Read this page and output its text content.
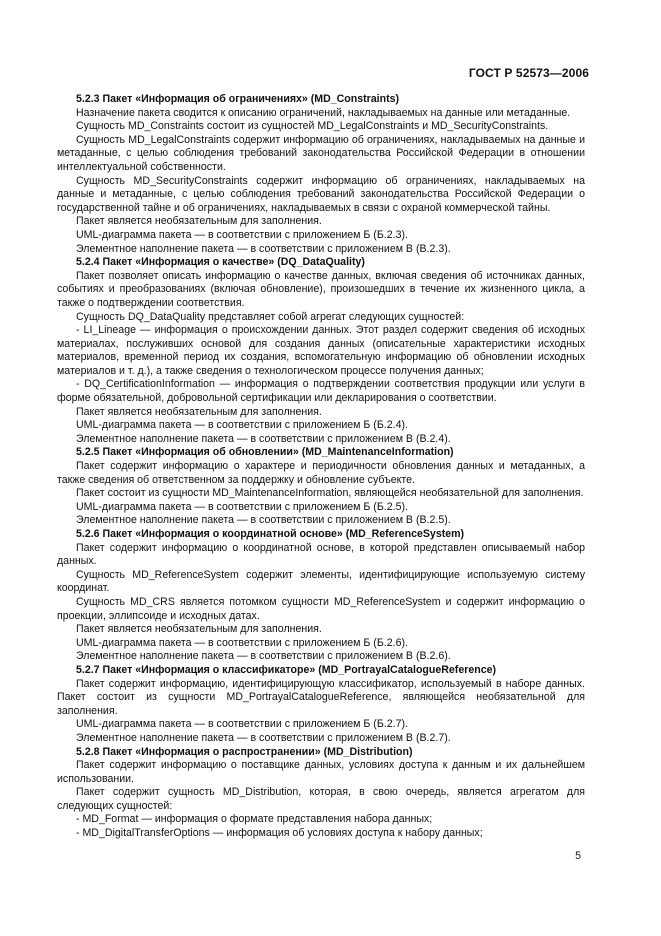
ГОСТ Р 52573—2006

5.2.3 Пакет «Информация об ограничениях» (MD_Constraints)

Назначение пакета сводится к описанию ограничений, накладываемых на данные или метаданные.

Сущность MD_Constraints состоит из сущностей MD_LegalConstraints и MD_SecurityConstraints.

Сущность MD_LegalConstraints содержит информацию об ограничениях, накладываемых на данные и метаданные, с целью соблюдения требований законодательства Российской Федерации в отношении интеллектуальной собственности.

Сущность MD_SecurityConstraints содержит информацию об ограничениях, накладываемых на данные и метаданные, с целью соблюдения требований законодательства Российской Федерации о государственной тайне и об ограничениях, накладываемых в связи с охраной коммерческой тайны.

Пакет является необязательным для заполнения.

UML-диаграмма пакета — в соответствии с приложением Б (Б.2.3).

Элементное наполнение пакета — в соответствии с приложением В (В.2.3).

5.2.4 Пакет «Информация о качестве» (DQ_DataQuality)

Пакет позволяет описать информацию о качестве данных, включая сведения об источниках данных, событиях и преобразованиях (включая обновление), произошедших в течение их жизненного цикла, а также о подтверждении соответствия.

Сущность DQ_DataQuality представляет собой агрегат следующих сущностей:

- LI_Lineage — информация о происхождении данных. Этот раздел содержит сведения об исходных материалах, послуживших основой для создания данных (описательные характеристики исходных материалов, временной период их создания, вспомогательную информацию об обновлении исходных материалов и т. д.), а также сведения о технологическом процессе получения данных;

- DQ_CertificationInformation — информация о подтверждении соответствия продукции или услуги в форме обязательной, добровольной сертификации или декларирования о соответствии.

Пакет является необязательным для заполнения.

UML-диаграмма пакета — в соответствии с приложением Б (Б.2.4).

Элементное наполнение пакета — в соответствии с приложением В (В.2.4).

5.2.5 Пакет «Информация об обновлении» (MD_MaintenanceInformation)

Пакет содержит информацию о характере и периодичности обновления данных и метаданных, а также сведения об ответственном за поддержку и обновление субъекте.

Пакет состоит из сущности MD_MaintenanceInformation, являющейся необязательной для заполнения.

UML-диаграмма пакета — в соответствии с приложением Б (Б.2.5).

Элементное наполнение пакета — в соответствии с приложением В (В.2.5).

5.2.6 Пакет «Информация о координатной основе» (MD_ReferenceSystem)

Пакет содержит информацию о координатной основе, в которой представлен описываемый набор данных.

Сущность MD_ReferenceSystem содержит элементы, идентифицирующие используемую систему координат.

Сущность MD_CRS является потомком сущности MD_ReferenceSystem и содержит информацию о проекции, эллипсоиде и исходных датах.

Пакет является необязательным для заполнения.

UML-диаграмма пакета — в соответствии с приложением Б (Б.2.6).

Элементное наполнение пакета — в соответствии с приложением В (В.2.6).

5.2.7 Пакет «Информация о классификаторе» (MD_PortrayalCatalogueReference)

Пакет содержит информацию, идентифицирующую классификатор, используемый в наборе данных. Пакет состоит из сущности MD_PortrayalCatalogueReference, являющейся необязательной для заполнения.

UML-диаграмма пакета — в соответствии с приложением Б (Б.2.7).

Элементное наполнение пакета — в соответствии с приложением В (В.2.7).

5.2.8 Пакет «Информация о распространении» (MD_Distribution)

Пакет содержит информацию о поставщике данных, условиях доступа к данным и их дальнейшем использовании.

Пакет содержит сущность MD_Distribution, которая, в свою очередь, является агрегатом для следующих сущностей:

- MD_Format — информация о формате представления набора данных;

- MD_DigitalTransferOptions — информация об условиях доступа к набору данных;

5
